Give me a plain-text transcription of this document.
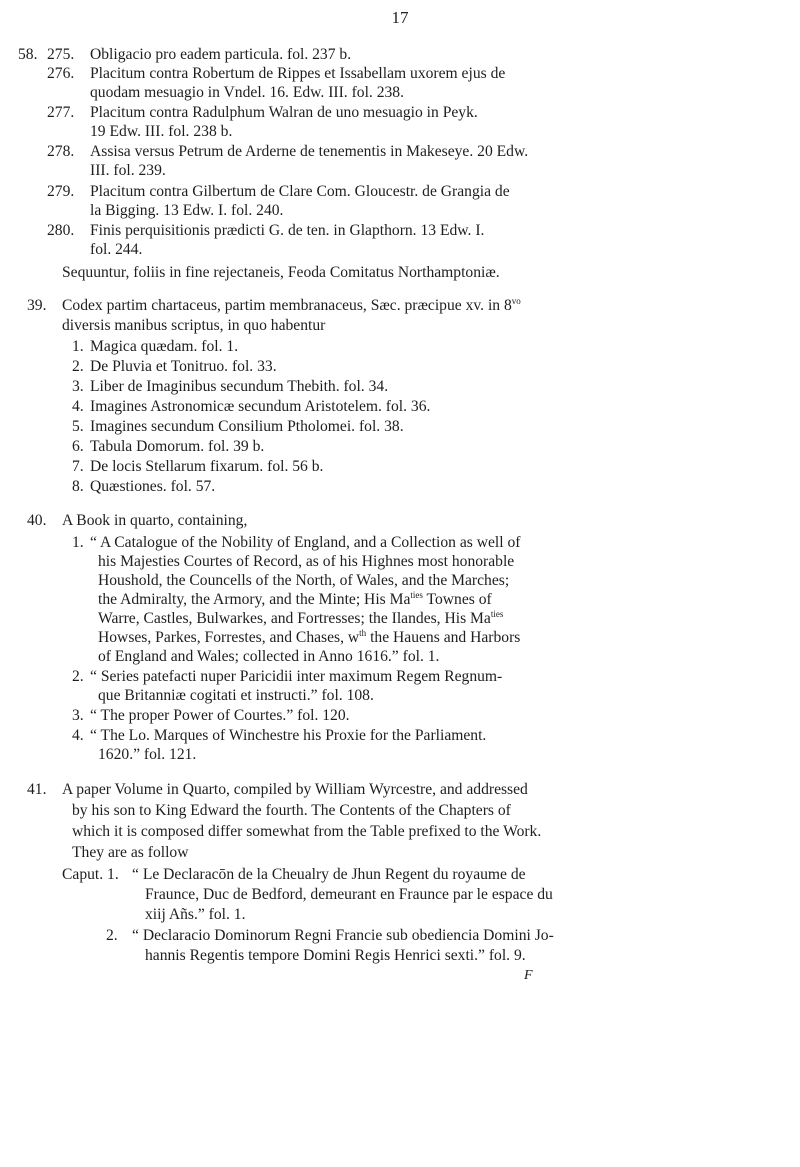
17
58. 275. Obligacio pro eadem particula. fol. 237 b.
276. Placitum contra Robertum de Rippes et Issabellam uxorem ejus de
quodam mesuagio in Vndel. 16. Edw. III. fol. 238.
277. Placitum contra Radulphum Walran de uno mesuagio in Peyk.
19 Edw. III. fol. 238 b.
278. Assisa versus Petrum de Arderne de tenementis in Makeseye. 20 Edw.
III. fol. 239.
279. Placitum contra Gilbertum de Clare Com. Gloucestr. de Grangia de
la Bigging. 13 Edw. I. fol. 240.
280. Finis perquisitionis prædicti G. de ten. in Glapthorn. 13 Edw. I.
fol. 244.
Sequuntur, foliis in fine rejectaneis, Feoda Comitatus Northamptoniæ.
39. Codex partim chartaceus, partim membranaceus, Sæc. præcipue xv. in $8^{vo}$
diversis manibus scriptus, in quo habentur
1. Magica quædam. fol. 1.
2. De Pluvia et Tonitruo. fol. 33.
3. Liber de Imaginibus secundum Thebith. fol. 34.
4. Imagines Astronomicæ secundum Aristotelem. fol. 36.
5. Imagines secundum Consilium Ptholomei. fol. 38.
6. Tabula Domorum. fol. 39 b.
7. De locis Stellarum fixarum. fol. 56 b.
8. Quæstiones. fol. 57.
40. A Book in quarto, containing,
1. “ A Catalogue of the Nobility of England, and a Collection as well of
his Majesties Courtes of Record, as of his Highnes most honorable
Houshold, the Councells of the North, of Wales, and the Marches;
the Admiralty, the Armory, and the Minte; His $Ma^{ties}$ Townes of
Warre, Castles, Bulwarkes, and Fortresses; the Ilandes, His $Ma^{ties}$
Howses, Parkes, Forrestes, and Chases, $w^{th}$ the Hauens and Harbors
of England and Wales; collected in Anno 1616.” fol. 1.
2. “ Series patefacti nuper Paricidii inter maximum Regem Regnum-
que Britanniæ cogitati et instructi.” fol. 108.
3. “ The proper Power of Courtes.” fol. 120.
4. “ The Lo. Marques of Winchestre his Proxie for the Parliament.
1620.” fol. 121.
41. A paper Volume in Quarto, compiled by William Wyrcestre, and addressed
by his son to King Edward the fourth. The Contents of the Chapters of
which it is composed differ somewhat from the Table prefixed to the Work.
They are as follow
Caput. 1. “ Le Declaracōn de la Cheualry de Jhun Regent du royaume de
Fraunce, Duc de Bedford, demeurant en Fraunce par le espace du
xiij Añs.” fol. 1.
2. “ Declaracio Dominorum Regni Francie sub obediencia Domini Jo-
hannis Regentis tempore Domini Regis Henrici sexti.” fol. 9.
F
